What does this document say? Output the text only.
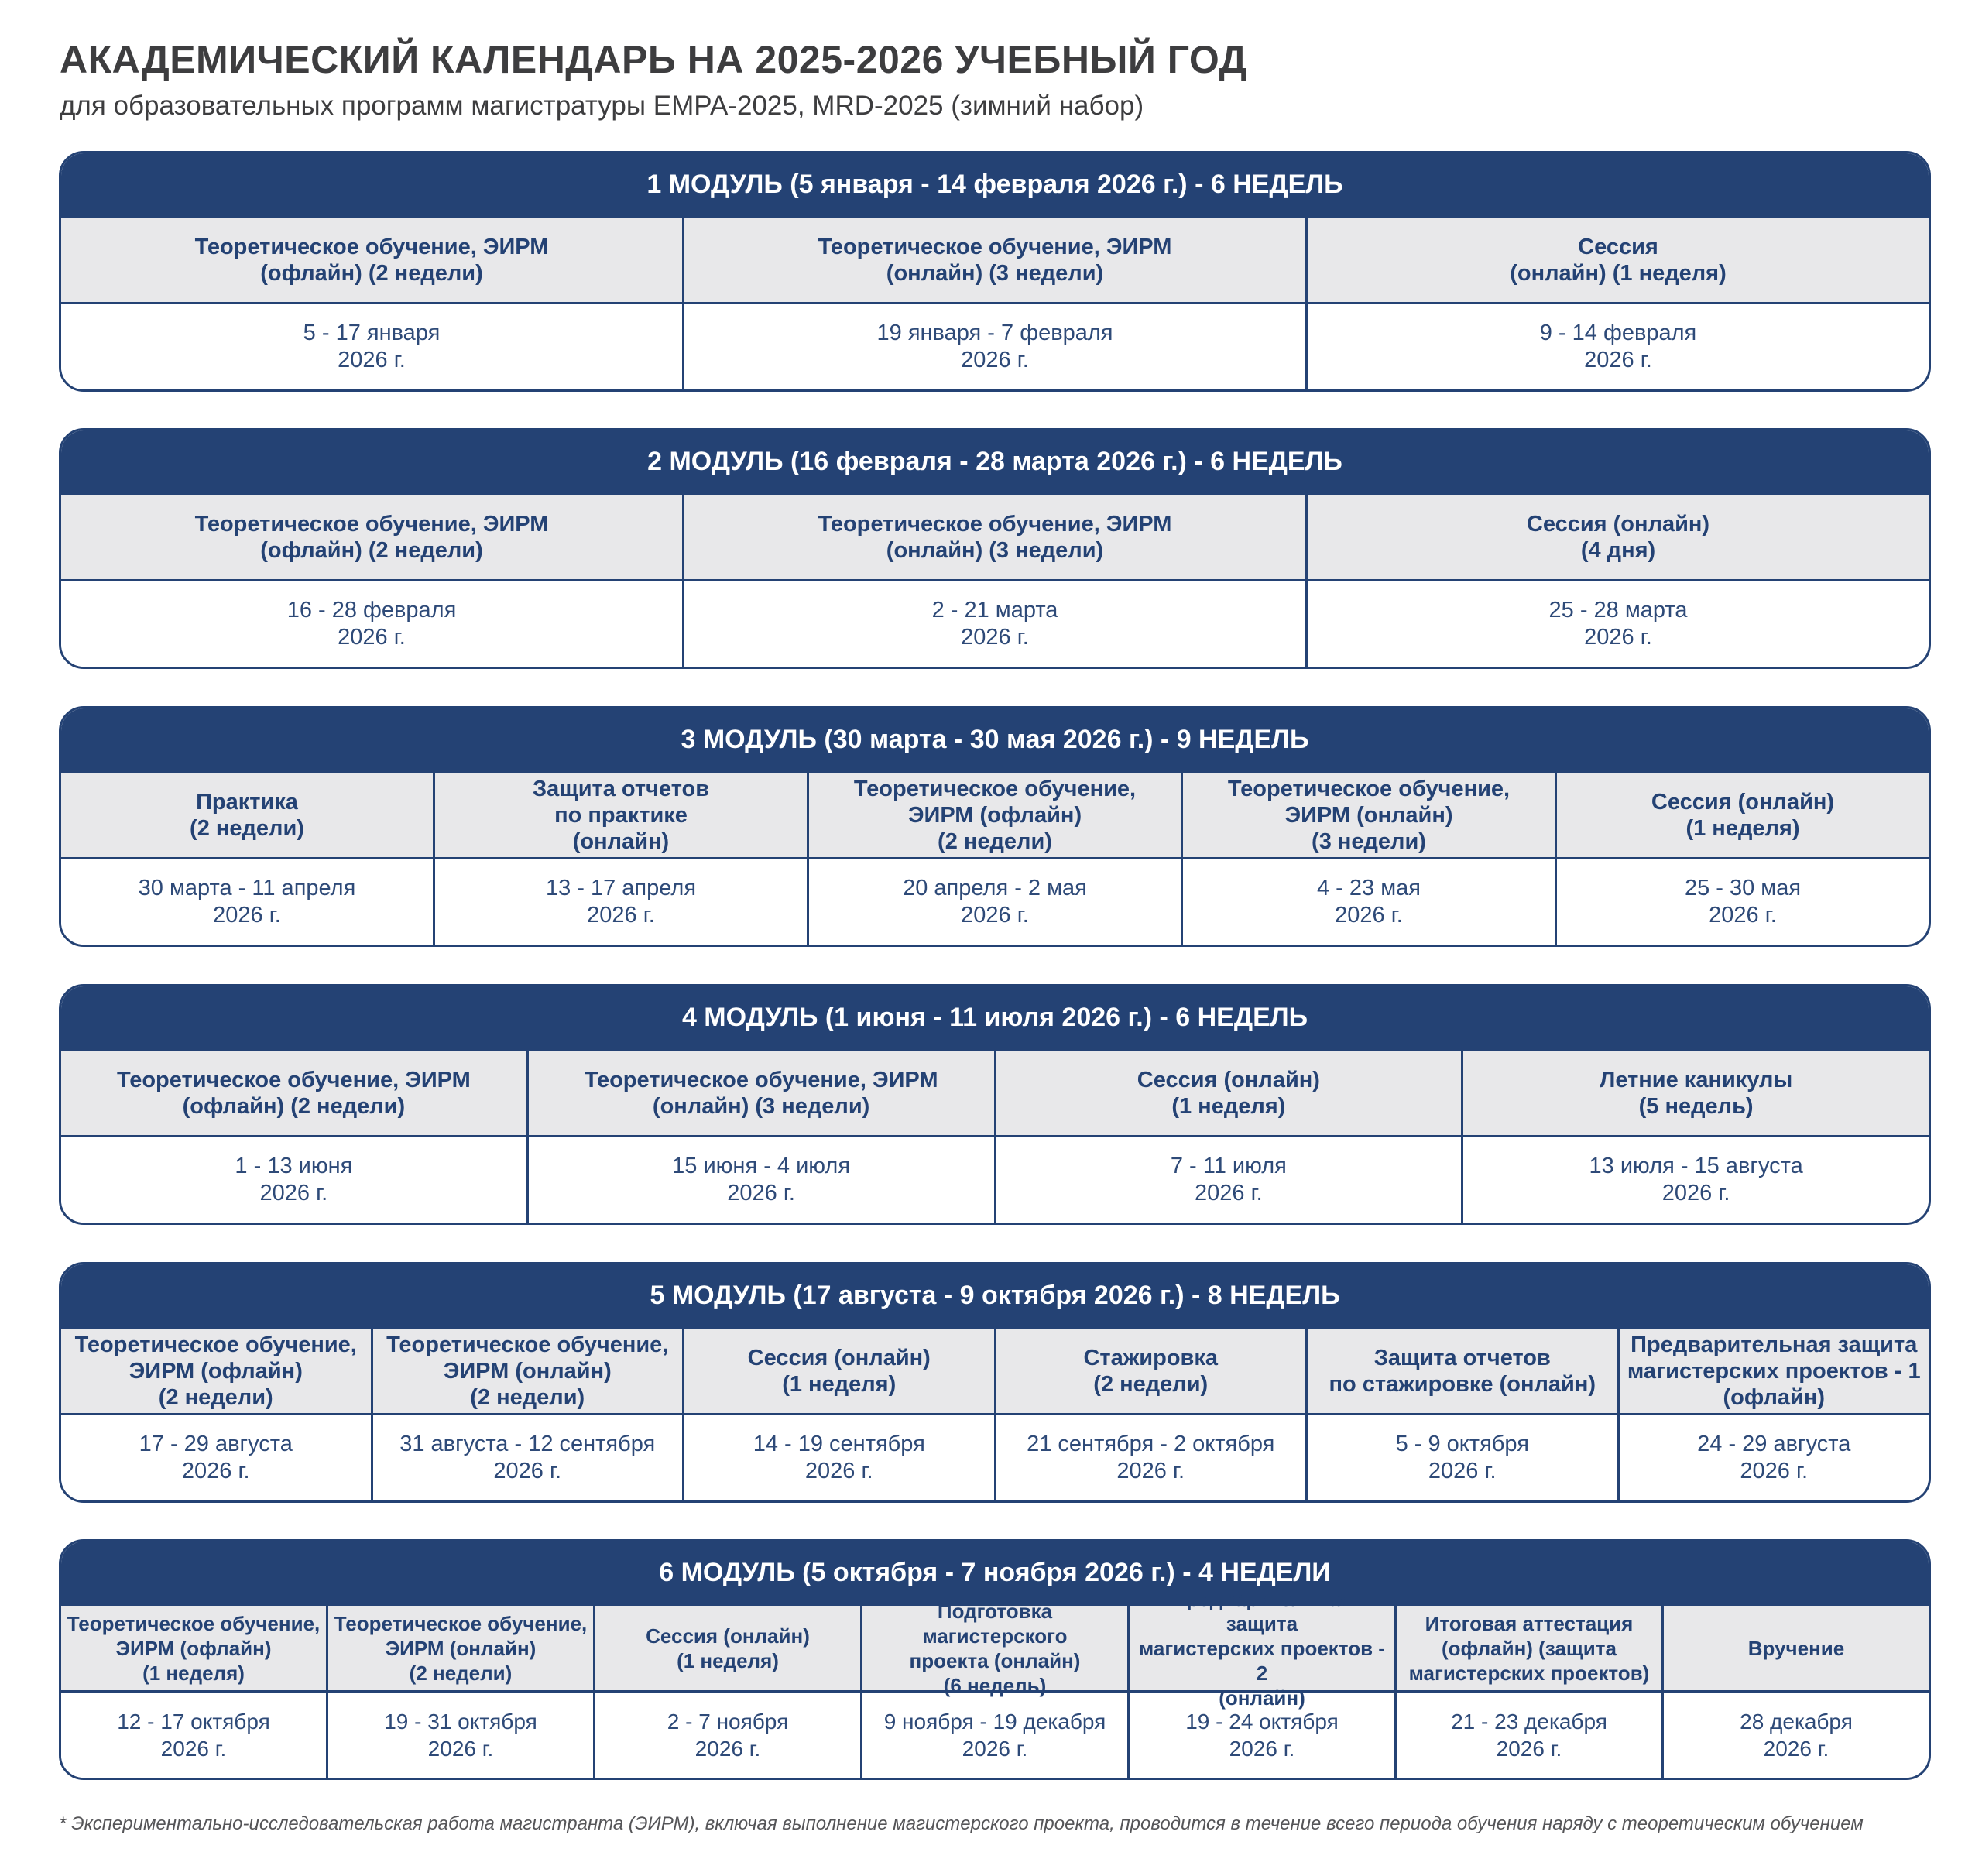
АКАДЕМИЧЕСКИЙ КАЛЕНДАРЬ НА 2025-2026 УЧЕБНЫЙ ГОД
для образовательных программ магистратуры EMPA-2025, MRD-2025 (зимний набор)
1 МОДУЛЬ (5 января - 14 февраля 2026 г.) - 6 НЕДЕЛЬ
Теоретическое обучение, ЭИРМ
(офлайн) (2 недели)
Теоретическое обучение, ЭИРМ
(онлайн) (3 недели)
Сессия
(онлайн) (1 неделя)
5 - 17 января
2026 г.
19 января - 7 февраля
2026 г.
9 - 14 февраля
2026 г.
2 МОДУЛЬ (16 февраля - 28 марта 2026 г.) - 6 НЕДЕЛЬ
Теоретическое обучение, ЭИРМ
(офлайн) (2 недели)
Теоретическое обучение, ЭИРМ
(онлайн) (3 недели)
Сессия (онлайн)
(4 дня)
16 - 28 февраля
2026 г.
2 - 21 марта
2026 г.
25 - 28 марта
2026 г.
3 МОДУЛЬ (30 марта - 30 мая 2026 г.) - 9 НЕДЕЛЬ
Практика
(2 недели)
Защита отчетов
по практике
(онлайн)
Теоретическое обучение,
ЭИРМ (офлайн)
(2 недели)
Теоретическое обучение,
ЭИРМ (онлайн)
(3 недели)
Сессия (онлайн)
(1 неделя)
30 марта - 11 апреля
2026 г.
13 - 17 апреля
2026 г.
20 апреля - 2 мая
2026 г.
4 - 23 мая
2026 г.
25 - 30 мая
2026 г.
4 МОДУЛЬ (1 июня - 11 июля 2026 г.) - 6 НЕДЕЛЬ
Теоретическое обучение, ЭИРМ
(офлайн) (2 недели)
Теоретическое обучение, ЭИРМ
(онлайн) (3 недели)
Сессия (онлайн)
(1 неделя)
Летние каникулы
(5 недель)
1 - 13 июня
2026 г.
15 июня - 4 июля
2026 г.
7 - 11 июля
2026 г.
13 июля - 15 августа
2026 г.
5 МОДУЛЬ (17 августа - 9 октября 2026 г.) - 8 НЕДЕЛЬ
Теоретическое обучение,
ЭИРМ (офлайн)
(2 недели)
Теоретическое обучение,
ЭИРМ (онлайн)
(2 недели)
Сессия (онлайн)
(1 неделя)
Стажировка
(2 недели)
Защита отчетов
по стажировке (онлайн)
Предварительная защита
магистерских проектов - 1
(офлайн)
17 - 29 августа
2026 г.
31 августа - 12 сентября
2026 г.
14 - 19 сентября
2026 г.
21 сентября - 2 октября
2026 г.
5 - 9 октября
2026 г.
24 - 29 августа
2026 г.
6 МОДУЛЬ (5 октября - 7 ноября 2026 г.) - 4 НЕДЕЛИ
Теоретическое обучение,
ЭИРМ (офлайн)
(1 неделя)
Теоретическое обучение,
ЭИРМ (онлайн)
(2 недели)
Сессия (онлайн)
(1 неделя)
Подготовка магистерского
проекта (онлайн)
(6 недель)
Предварительная защита
магистерских проектов - 2
(онлайн)
Итоговая аттестация
(офлайн) (защита
магистерских проектов)
Вручение
12 - 17 октября
2026 г.
19 - 31 октября
2026 г.
2 - 7 ноября
2026 г.
9 ноября - 19 декабря
2026 г.
19 - 24 октября
2026 г.
21 - 23 декабря
2026 г.
28 декабря
2026 г.
* Экспериментально-исследовательская работа магистранта (ЭИРМ), включая выполнение магистерского проекта, проводится в течение всего периода обучения наряду с теоретическим обучением
